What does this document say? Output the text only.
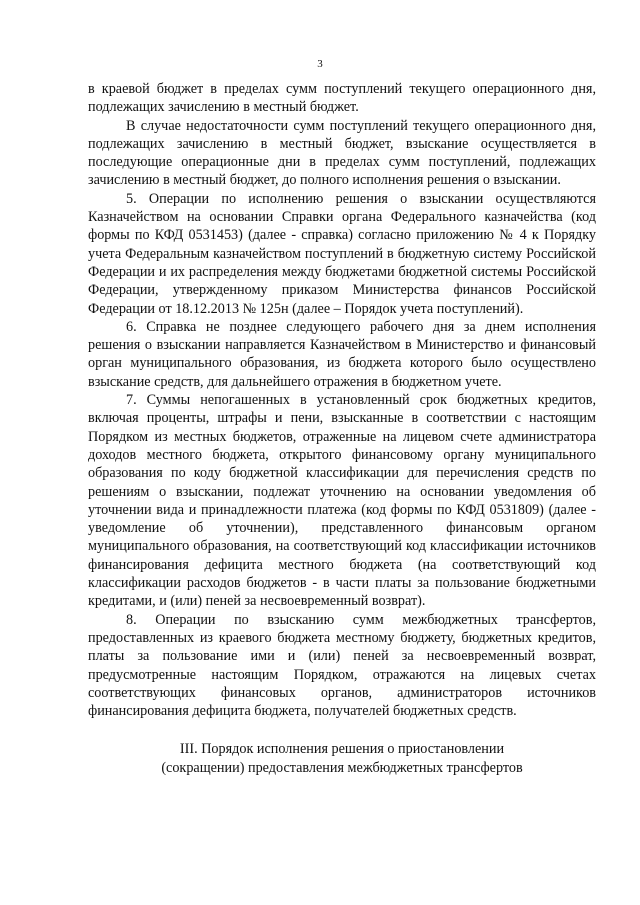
3

в краевой бюджет в пределах сумм поступлений текущего операционного дня, подлежащих зачислению в местный бюджет.

В случае недостаточности сумм поступлений текущего операционного дня, подлежащих зачислению в местный бюджет, взыскание осуществляется в последующие операционные дни в пределах сумм поступлений, подлежащих зачислению в местный бюджет, до полного исполнения решения о взыскании.

5. Операции по исполнению решения о взыскании осуществляются Казначейством на основании Справки органа Федерального казначейства (код формы по КФД 0531453) (далее - справка) согласно приложению № 4 к Порядку учета Федеральным казначейством поступлений в бюджетную систему Российской Федерации и их распределения между бюджетами бюджетной системы Российской Федерации, утвержденному приказом Министерства финансов Российской Федерации от 18.12.2013 № 125н (далее – Порядок учета поступлений).

6. Справка не позднее следующего рабочего дня за днем исполнения решения о взыскании направляется Казначейством в Министерство и финансовый орган муниципального образования, из бюджета которого было осуществлено взыскание средств, для дальнейшего отражения в бюджетном учете.

7. Суммы непогашенных в установленный срок бюджетных кредитов, включая проценты, штрафы и пени, взысканные в соответствии с настоящим Порядком из местных бюджетов, отраженные на лицевом счете администратора доходов местного бюджета, открытого финансовому органу муниципального образования по коду бюджетной классификации для перечисления средств по решениям о взыскании, подлежат уточнению на основании уведомления об уточнении вида и принадлежности платежа (код формы по КФД 0531809) (далее - уведомление об уточнении), представленного финансовым органом муниципального образования, на соответствующий код классификации источников финансирования дефицита местного бюджета (на соответствующий код классификации расходов бюджетов - в части платы за пользование бюджетными кредитами, и (или) пеней за несвоевременный возврат).

8. Операции по взысканию сумм межбюджетных трансфертов, предоставленных из краевого бюджета местному бюджету, бюджетных кредитов, платы за пользование ими и (или) пеней за несвоевременный возврат, предусмотренные настоящим Порядком, отражаются на лицевых счетах соответствующих финансовых органов, администраторов источников финансирования дефицита бюджета, получателей бюджетных средств.

III. Порядок исполнения решения о приостановлении
(сокращении) предоставления межбюджетных трансфертов
